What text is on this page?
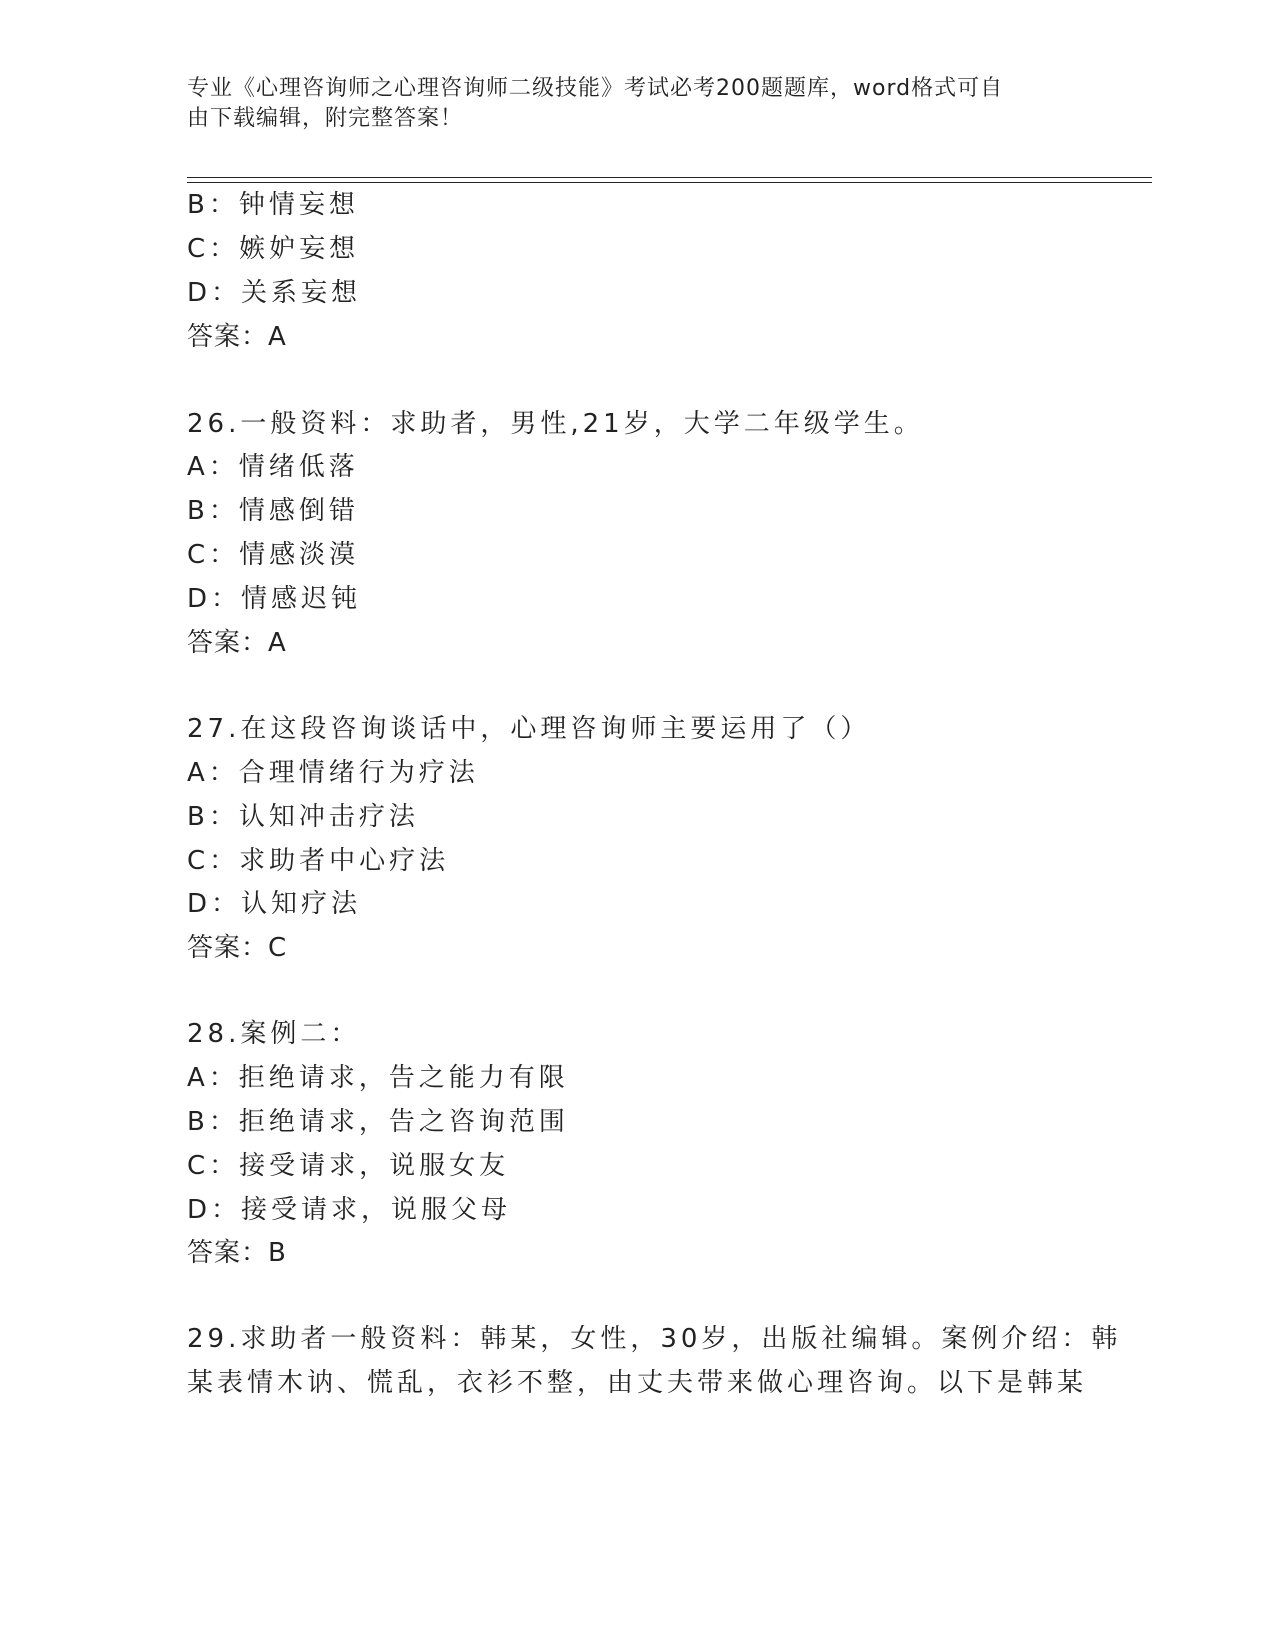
专业《心理咨询师之心理咨询师二级技能》考试必考200题题库，word格式可自
由下载编辑，附完整答案！
B：钟情妄想
C：嫉妒妄想
D：关系妄想
答案：A
26.一般资料：求助者，男性,21岁，大学二年级学生。
A：情绪低落
B：情感倒错
C：情感淡漠
D：情感迟钝
答案：A
27.在这段咨询谈话中，心理咨询师主要运用了（）
A：合理情绪行为疗法
B：认知冲击疗法
C：求助者中心疗法
D：认知疗法
答案：C
28.案例二：
A：拒绝请求，告之能力有限
B：拒绝请求，告之咨询范围
C：接受请求，说服女友
D：接受请求，说服父母
答案：B
29.求助者一般资料：韩某，女性，30岁，出版社编辑。案例介绍：韩
某表情木讷、慌乱，衣衫不整，由丈夫带来做心理咨询。以下是韩某
